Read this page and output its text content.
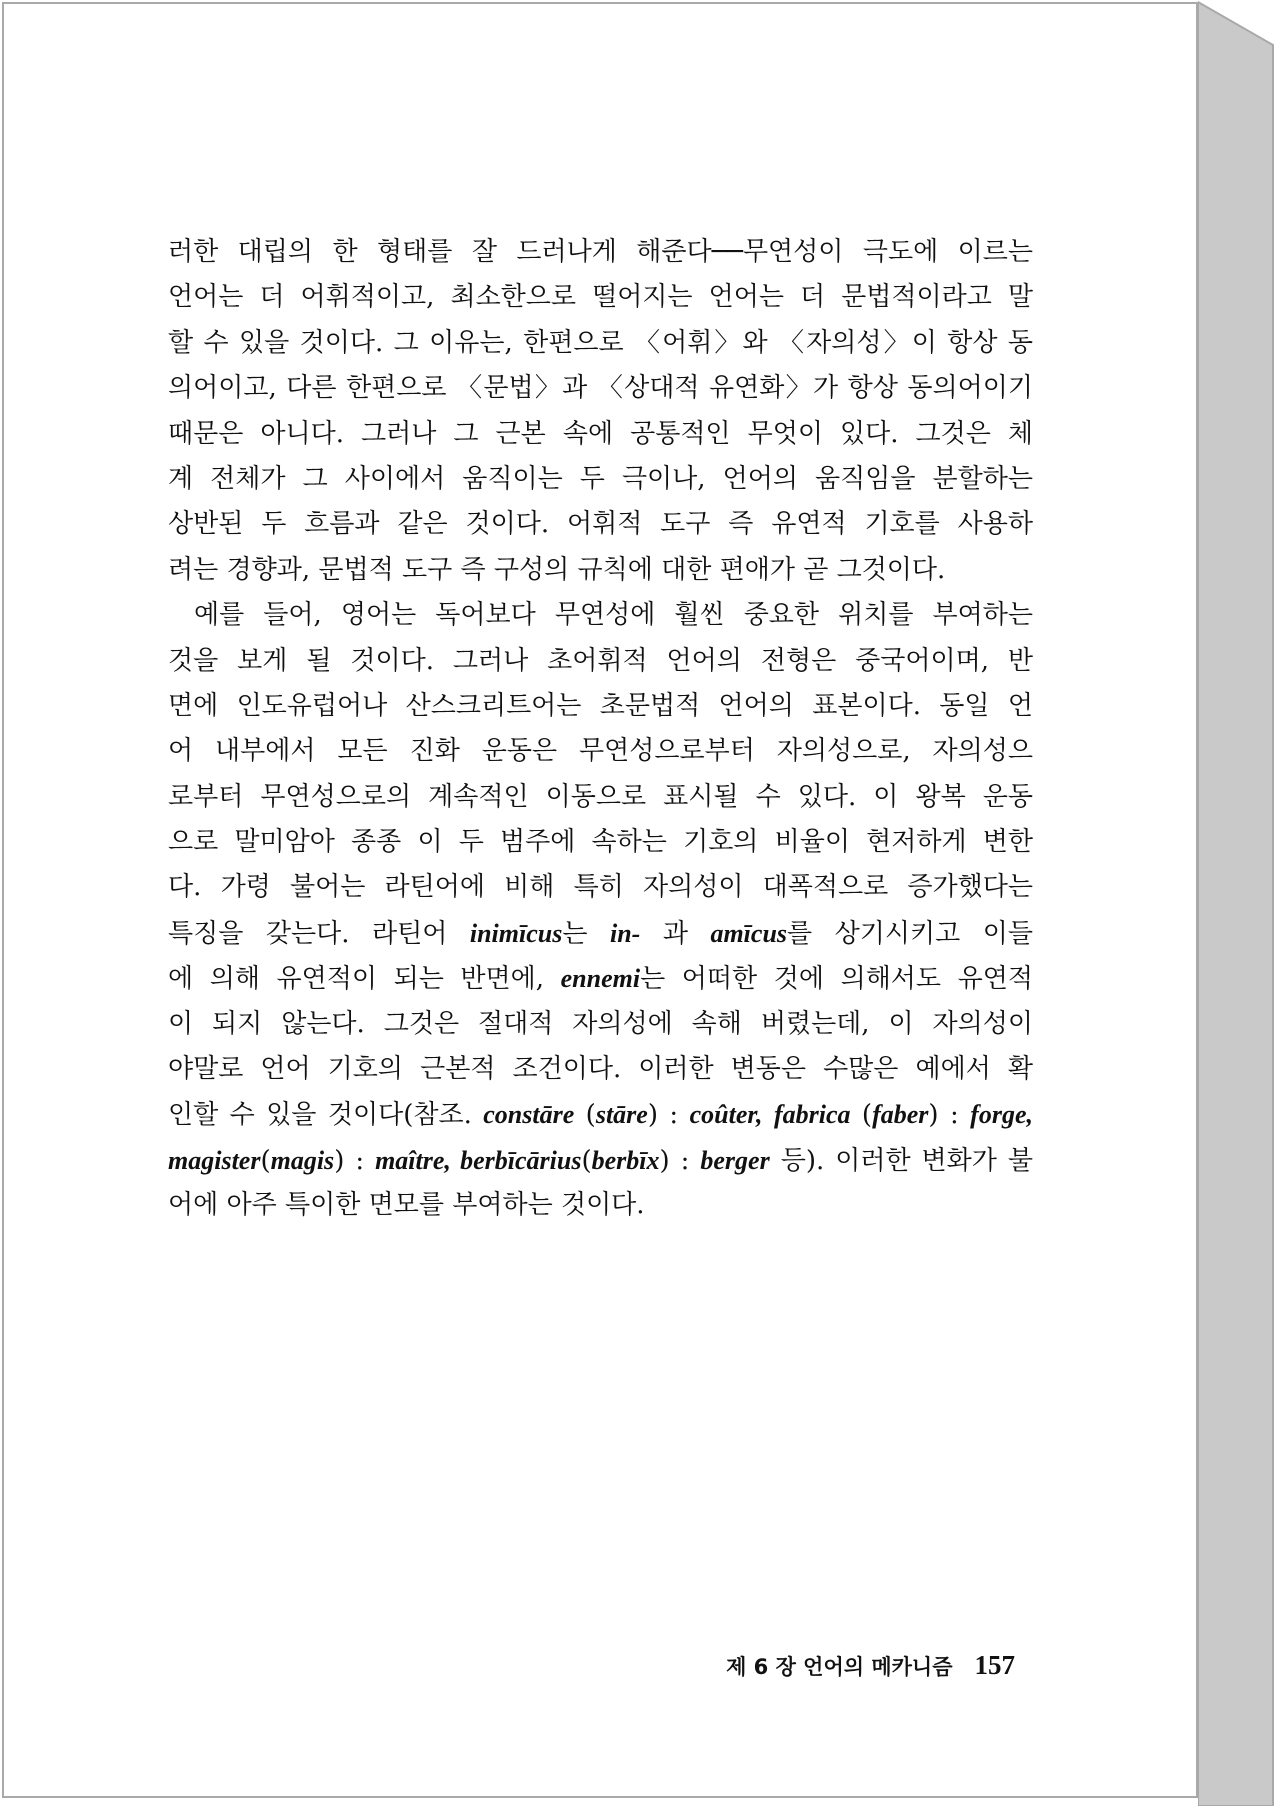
러한 대립의 한 형태를 잘 드러나게 해준다──무연성이 극도에 이르는
언어는 더 어휘적이고, 최소한으로 떨어지는 언어는 더 문법적이라고 말
할 수 있을 것이다. 그 이유는, 한편으로 〈어휘〉와 〈자의성〉이 항상 동
의어이고, 다른 한편으로 〈문법〉과 〈상대적 유연화〉가 항상 동의어이기
때문은 아니다. 그러나 그 근본 속에 공통적인 무엇이 있다. 그것은 체
계 전체가 그 사이에서 움직이는 두 극이나, 언어의 움직임을 분할하는
상반된 두 흐름과 같은 것이다. 어휘적 도구 즉 유연적 기호를 사용하
려는 경향과, 문법적 도구 즉 구성의 규칙에 대한 편애가 곧 그것이다.
예를 들어, 영어는 독어보다 무연성에 훨씬 중요한 위치를 부여하는
것을 보게 될 것이다. 그러나 초어휘적 언어의 전형은 중국어이며, 반
면에 인도유럽어나 산스크리트어는 초문법적 언어의 표본이다. 동일 언
어 내부에서 모든 진화 운동은 무연성으로부터 자의성으로, 자의성으
로부터 무연성으로의 계속적인 이동으로 표시될 수 있다. 이 왕복 운동
으로 말미암아 종종 이 두 범주에 속하는 기호의 비율이 현저하게 변한
다. 가령 불어는 라틴어에 비해 특히 자의성이 대폭적으로 증가했다는
특징을 갖는다. 라틴어 inimīcus는 in- 과 amīcus를 상기시키고 이들
에 의해 유연적이 되는 반면에, ennemi는 어떠한 것에 의해서도 유연적
이 되지 않는다. 그것은 절대적 자의성에 속해 버렸는데, 이 자의성이
야말로 언어 기호의 근본적 조건이다. 이러한 변동은 수많은 예에서 확
인할 수 있을 것이다(참조. constāre (stāre) : coûter, fabrica (faber) : forge,
magister(magis) : maître, berbīcārius(berbīx) : berger 등). 이러한 변화가 불
어에 아주 특이한 면모를 부여하는 것이다.
제 6 장 언어의 메카니즘 157
